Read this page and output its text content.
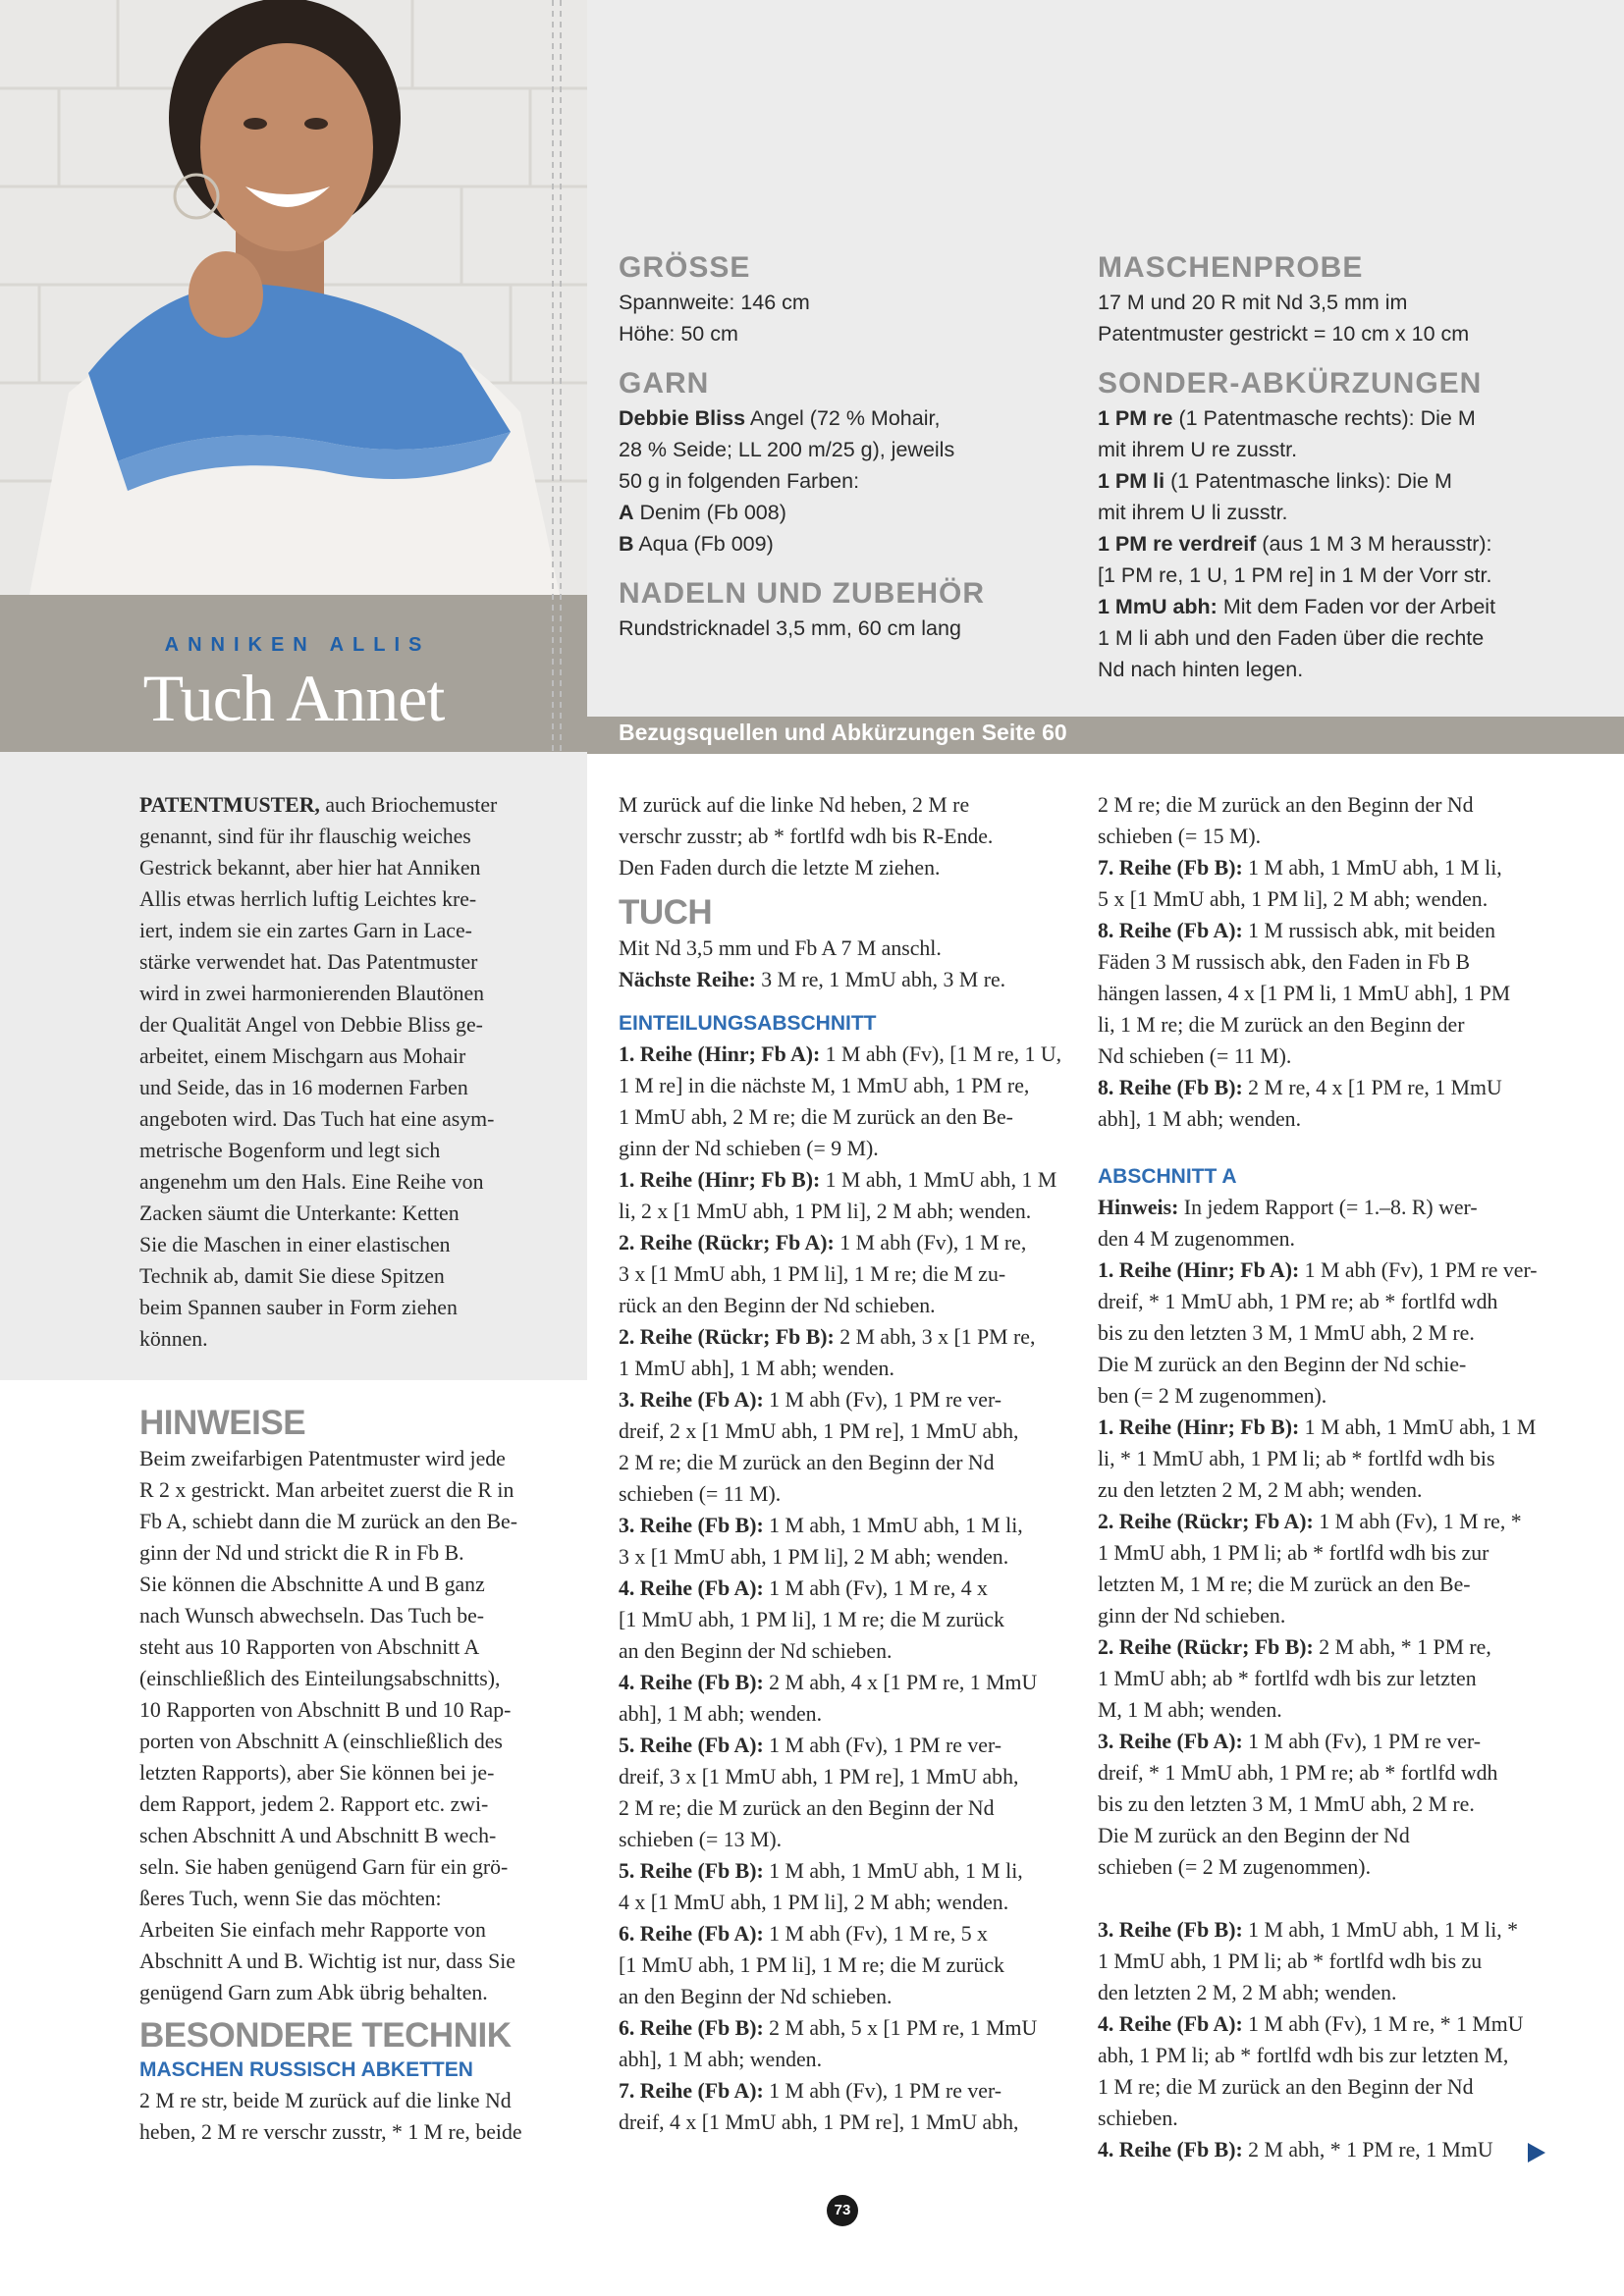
ANNIKEN ALLIS
Tuch Annet
GRÖSSE
Spannweite: 146 cm
Höhe: 50 cm
GARN
Debbie Bliss Angel (72 % Mohair,
28 % Seide; LL 200 m/25 g), jeweils
50 g in folgenden Farben:
A Denim (Fb 008)
B Aqua (Fb 009)
NADELN UND ZUBEHÖR
Rundstricknadel 3,5 mm, 60 cm lang
MASCHENPROBE
17 M und 20 R mit Nd 3,5 mm im
Patentmuster gestrickt = 10 cm x 10 cm
SONDER-ABKÜRZUNGEN
1 PM re (1 Patentmasche rechts): Die M
mit ihrem U re zusstr.
1 PM li (1 Patentmasche links): Die M
mit ihrem U li zusstr.
1 PM re verdreif (aus 1 M 3 M herausstr):
[1 PM re, 1 U, 1 PM re] in 1 M der Vorr str.
1 MmU abh: Mit dem Faden vor der Arbeit
1 M li abh und den Faden über die rechte
Nd nach hinten legen.
Bezugsquellen und Abkürzungen Seite 60

PATENTMUSTER, auch Briochemuster

genannt, sind für ihr flauschig weiches

Gestrick bekannt, aber hier hat Anniken

Allis etwas herrlich luftig Leichtes kre-

iert, indem sie ein zartes Garn in Lace-

stärke verwendet hat. Das Patentmuster

wird in zwei harmonierenden Blautönen

der Qualität Angel von Debbie Bliss ge-

arbeitet, einem Mischgarn aus Mohair

und Seide, das in 16 modernen Farben

angeboten wird. Das Tuch hat eine asym-

metrische Bogenform und legt sich

angenehm um den Hals. Eine Reihe von

Zacken säumt die Unterkante: Ketten

Sie die Maschen in einer elastischen

Technik ab, damit Sie diese Spitzen

beim Spannen sauber in Form ziehen

können.

HINWEISE

Beim zweifarbigen Patentmuster wird jede

R 2 x gestrickt. Man arbeitet zuerst die R in

Fb A, schiebt dann die M zurück an den Be-

ginn der Nd und strickt die R in Fb B.

Sie können die Abschnitte A und B ganz

nach Wunsch abwechseln. Das Tuch be-

steht aus 10 Rapporten von Abschnitt A

(einschließlich des Einteilungsabschnitts),

10 Rapporten von Abschnitt B und 10 Rap-

porten von Abschnitt A (einschließlich des

letzten Rapports), aber Sie können bei je-

dem Rapport, jedem 2. Rapport etc. zwi-

schen Abschnitt A und Abschnitt B wech-

seln. Sie haben genügend Garn für ein grö-

ßeres Tuch, wenn Sie das möchten:

Arbeiten Sie einfach mehr Rapporte von

Abschnitt A und B. Wichtig ist nur, dass Sie

genügend Garn zum Abk übrig behalten.

BESONDERE TECHNIK
MASCHEN RUSSISCH ABKETTEN

2 M re str, beide M zurück auf die linke Nd

heben, 2 M re verschr zusstr, * 1 M re, beide

M zurück auf die linke Nd heben, 2 M re

verschr zusstr; ab * fortlfd wdh bis R-Ende.

Den Faden durch die letzte M ziehen.

TUCH

Mit Nd 3,5 mm und Fb A 7 M anschl.

Nächste Reihe: 3 M re, 1 MmU abh, 3 M re.

EINTEILUNGSABSCHNITT

1. Reihe (Hinr; Fb A): 1 M abh (Fv), [1 M re, 1 U,

1 M re] in die nächste M, 1 MmU abh, 1 PM re,

1 MmU abh, 2 M re; die M zurück an den Be-

ginn der Nd schieben (= 9 M).

1. Reihe (Hinr; Fb B): 1 M abh, 1 MmU abh, 1 M

li, 2 x [1 MmU abh, 1 PM li], 2 M abh; wenden.

2. Reihe (Rückr; Fb A): 1 M abh (Fv), 1 M re,

3 x [1 MmU abh, 1 PM li], 1 M re; die M zu-

rück an den Beginn der Nd schieben.

2. Reihe (Rückr; Fb B): 2 M abh, 3 x [1 PM re,

1 MmU abh], 1 M abh; wenden.

3. Reihe (Fb A): 1 M abh (Fv), 1 PM re ver-

dreif, 2 x [1 MmU abh, 1 PM re], 1 MmU abh,

2 M re; die M zurück an den Beginn der Nd

schieben (= 11 M).

3. Reihe (Fb B): 1 M abh, 1 MmU abh, 1 M li,

3 x [1 MmU abh, 1 PM li], 2 M abh; wenden.

4. Reihe (Fb A): 1 M abh (Fv), 1 M re, 4 x

[1 MmU abh, 1 PM li], 1 M re; die M zurück

an den Beginn der Nd schieben.

4. Reihe (Fb B): 2 M abh, 4 x [1 PM re, 1 MmU

abh], 1 M abh; wenden.

5. Reihe (Fb A): 1 M abh (Fv), 1 PM re ver-

dreif, 3 x [1 MmU abh, 1 PM re], 1 MmU abh,

2 M re; die M zurück an den Beginn der Nd

schieben (= 13 M).

5. Reihe (Fb B): 1 M abh, 1 MmU abh, 1 M li,

4 x [1 MmU abh, 1 PM li], 2 M abh; wenden.

6. Reihe (Fb A): 1 M abh (Fv), 1 M re, 5 x

[1 MmU abh, 1 PM li], 1 M re; die M zurück

an den Beginn der Nd schieben.

6. Reihe (Fb B): 2 M abh, 5 x [1 PM re, 1 MmU

abh], 1 M abh; wenden.

7. Reihe (Fb A): 1 M abh (Fv), 1 PM re ver-

dreif, 4 x [1 MmU abh, 1 PM re], 1 MmU abh,

2 M re; die M zurück an den Beginn der Nd

schieben (= 15 M).

7. Reihe (Fb B): 1 M abh, 1 MmU abh, 1 M li,

5 x [1 MmU abh, 1 PM li], 2 M abh; wenden.

8. Reihe (Fb A): 1 M russisch abk, mit beiden

Fäden 3 M russisch abk, den Faden in Fb B

hängen lassen, 4 x [1 PM li, 1 MmU abh], 1 PM

li, 1 M re; die M zurück an den Beginn der

Nd schieben (= 11 M).

8. Reihe (Fb B): 2 M re, 4 x [1 PM re, 1 MmU

abh], 1 M abh; wenden.

ABSCHNITT A

Hinweis: In jedem Rapport (= 1.–8. R) wer-

den 4 M zugenommen.

1. Reihe (Hinr; Fb A): 1 M abh (Fv), 1 PM re ver-

dreif, * 1 MmU abh, 1 PM re; ab * fortlfd wdh

bis zu den letzten 3 M, 1 MmU abh, 2 M re.

Die M zurück an den Beginn der Nd schie-

ben (= 2 M zugenommen).

1. Reihe (Hinr; Fb B): 1 M abh, 1 MmU abh, 1 M

li, * 1 MmU abh, 1 PM li; ab * fortlfd wdh bis

zu den letzten 2 M, 2 M abh; wenden.

2. Reihe (Rückr; Fb A): 1 M abh (Fv), 1 M re, *

1 MmU abh, 1 PM li; ab * fortlfd wdh bis zur

letzten M, 1 M re; die M zurück an den Be-

ginn der Nd schieben.

2. Reihe (Rückr; Fb B): 2 M abh, * 1 PM re,

1 MmU abh; ab * fortlfd wdh bis zur letzten

M, 1 M abh; wenden.

3. Reihe (Fb A): 1 M abh (Fv), 1 PM re ver-

dreif, * 1 MmU abh, 1 PM re; ab * fortlfd wdh

bis zu den letzten 3 M, 1 MmU abh, 2 M re.

Die M zurück an den Beginn der Nd

schieben (= 2 M zugenommen).

3. Reihe (Fb B): 1 M abh, 1 MmU abh, 1 M li, *

1 MmU abh, 1 PM li; ab * fortlfd wdh bis zu

den letzten 2 M, 2 M abh; wenden.

4. Reihe (Fb A): 1 M abh (Fv), 1 M re, * 1 MmU

abh, 1 PM li; ab * fortlfd wdh bis zur letzten M,

1 M re; die M zurück an den Beginn der Nd

schieben.

4. Reihe (Fb B): 2 M abh, * 1 PM re, 1 MmU

73
